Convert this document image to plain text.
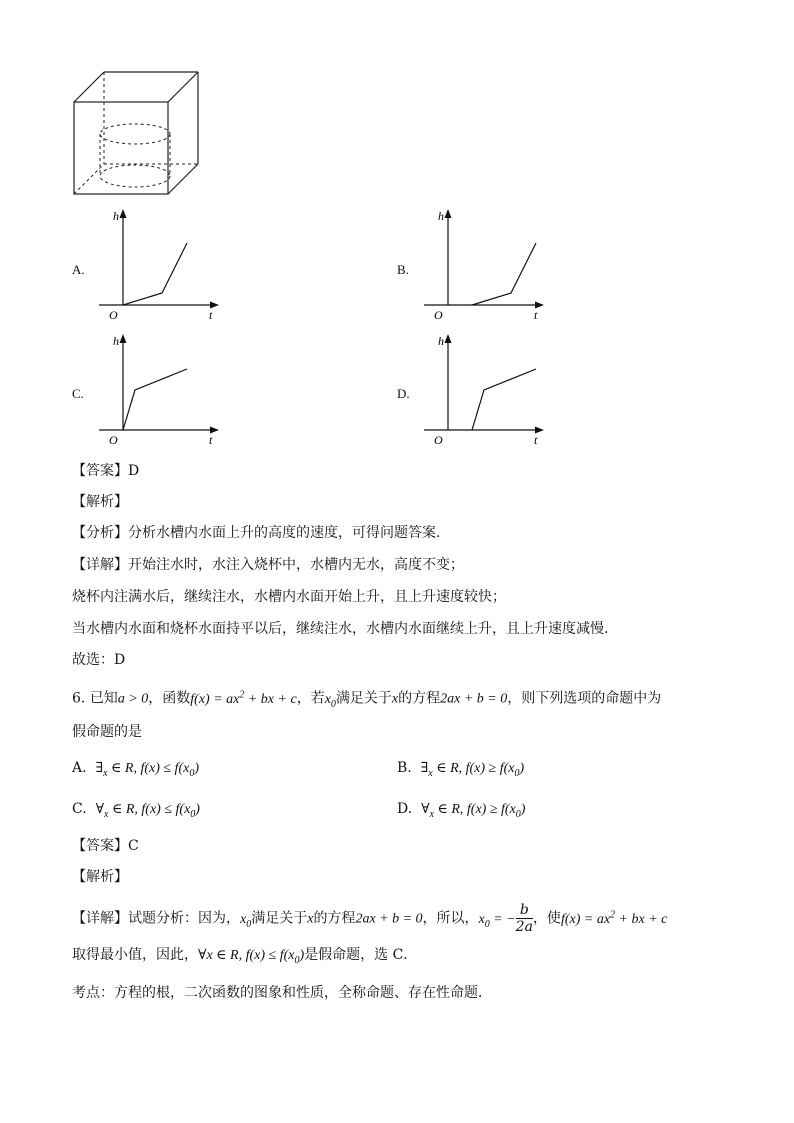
A.
h
t
O
B.
h
t
O
C.
h
t
O
D.
h
t
O
【答案】D
【解析】
【分析】分析水槽内水面上升的高度的速度，可得问题答案.
【详解】开始注水时，水注入烧杯中，水槽内无水，高度不变；
烧杯内注满水后，继续注水，水槽内水面开始上升，且上升速度较快；
当水槽内水面和烧杯水面持平以后，继续注水，水槽内水面继续上升，且上升速度减慢.
故选：D
6. 已知a > 0，函数$f(x) = ax^2$ + bx + c，若$x_0$满足关于x的方程2ax + b = 0，则下列选项的命题中为
假命题的是
A. $\exists_x$ ∈ R, $f(x) \le f(x_0)$	B. $\exists_x$ ∈ R, $f(x) \ge f(x_0)$
C. $\forall_x$ ∈ R, $f(x) \le f(x_0)$	D. $\forall_x$ ∈ R, $f(x) \ge f(x_0)$
【答案】C
【解析】
【详解】试题分析：因为，$x_0$满足关于x的方程2ax + b = 0，所以，$x_0$ = − $\frac{b}{2a}$ ，使$f(x) = ax^2$ + bx + c
取得最小值，因此，∀x ∈ R, $f(x) \le f(x_0)$是假命题，选 C．
考点：方程的根，二次函数的图象和性质，全称命题、存在性命题．
